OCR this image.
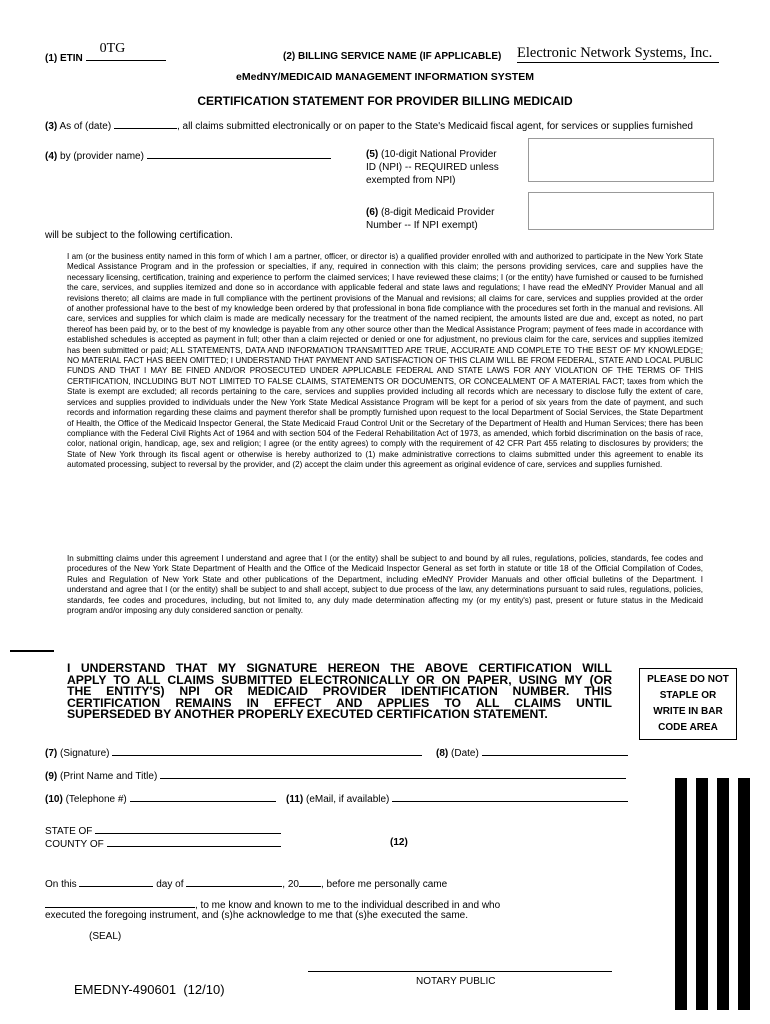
(1) ETIN
0TG
(2) BILLING SERVICE NAME (IF APPLICABLE) Electronic Network Systems, Inc.
eMedNY/MEDICAID MANAGEMENT INFORMATION SYSTEM
CERTIFICATION STATEMENT FOR PROVIDER BILLING MEDICAID
(3) As of (date)	, all claims submitted electronically or on paper to the State's Medicaid fiscal agent, for services or supplies furnished
(4) by (provider name)	(5) (10-digit National Provider
ID (NPI) -- REQUIRED unless
exempted from NPI)
(6) (8-digit Medicaid Provider
Number -- If NPI exempt)
will be subject to the following certification.
I am (or the business entity named in this form of which I am a partner, officer, or director is) a qualified provider enrolled with and authorized to participate in the New York State Medical Assistance Program and in the profession or specialties, if any, required in connection with this claim; the persons providing services, care and supplies have the necessary licensing, certification, training and experience to perform the claimed services; I have reviewed these claims; I (or the entity) have furnished or caused to be furnished the care, services, and supplies itemized and done so in accordance with applicable federal and state laws and regulations; I have read the eMedNY Provider Manual and all revisions thereto; all claims are made in full compliance with the pertinent provisions of the Manual and revisions; all claims for care, services and supplies provided at the order of another professional have to the best of my knowledge been ordered by that professional in bona fide compliance with the procedures set forth in the manual and revisions. All care, services and supplies for which claim is made are medically necessary for the treatment of the named recipient, the amounts listed are due and, except as noted, no part thereof has been paid by, or to the best of my knowledge is payable from any other source other than the Medical Assistance Program; payment of fees made in accordance with established schedules is accepted as payment in full; other than a claim rejected or denied or one for adjustment, no previous claim for the care, services and supplies itemized has been submitted or paid; ALL STATEMENTS, DATA AND INFORMATION TRANSMITTED ARE TRUE, ACCURATE AND COMPLETE TO THE BEST OF MY KNOWLEDGE; NO MATERIAL FACT HAS BEEN OMITTED; I UNDERSTAND THAT PAYMENT AND SATISFACTION OF THIS CLAIM WILL BE FROM FEDERAL, STATE AND LOCAL PUBLIC FUNDS AND THAT I MAY BE FINED AND/OR PROSECUTED UNDER APPLICABLE FEDERAL AND STATE LAWS FOR ANY VIOLATION OF THE TERMS OF THIS CERTIFICATION, INCLUDING BUT NOT LIMITED TO FALSE CLAIMS, STATEMENTS OR DOCUMENTS, OR CONCEALMENT OF A MATERIAL FACT; taxes from which the State is exempt are excluded; all records pertaining to the care, services and supplies provided including all records which are necessary to disclose fully the extent of care, services and supplies provided to individuals under the New York State Medical Assistance Program will be kept for a period of six years from the date of payment, and such records and information regarding these claims and payment therefor shall be promptly furnished upon request to the local Department of Social Services, the State Department of Health, the Office of the Medicaid Inspector General, the State Medicaid Fraud Control Unit or the Secretary of the Department of Health and Human Services; there has been compliance with the Federal Civil Rights Act of 1964 and with section 504 of the Federal Rehabilitation Act of 1973, as amended, which forbid discrimination on the basis of race, color, national origin, handicap, age, sex and religion; I agree (or the entity agrees) to comply with the requirement of 42 CFR Part 455 relating to disclosures by providers; the State of New York through its fiscal agent or otherwise is hereby authorized to (1) make administrative corrections to claims submitted under this agreement to enable its automated processing, subject to reversal by the provider, and (2) accept the claim under this agreement as original evidence of care, services and supplies furnished.
In submitting claims under this agreement I understand and agree that I (or the entity) shall be subject to and bound by all rules, regulations, policies, standards, fee codes and procedures of the New York State Department of Health and the Office of the Medicaid Inspector General as set forth in statute or title 18 of the Official Compilation of Codes, Rules and Regulation of New York State and other publications of the Department, including eMedNY Provider Manuals and other official bulletins of the Department. I understand and agree that I (or the entity) shall be subject to and shall accept, subject to due process of the law, any determinations pursuant to said rules, regulations, policies, standards, fee codes and procedures, including, but not limited to, any duly made determination affecting my (or my entity's) past, present or future status in the Medicaid program and/or imposing any duly considered sanction or penalty.
I UNDERSTAND THAT MY SIGNATURE HEREON THE ABOVE CERTIFICATION WILL
APPLY TO ALL CLAIMS SUBMITTED ELECTRONICALLY OR ON PAPER, USING MY (OR
THE ENTITY'S) NPI OR MEDICAID PROVIDER IDENTIFICATION NUMBER. THIS
CERTIFICATION REMAINS IN EFFECT AND APPLIES TO ALL CLAIMS UNTIL
SUPERSEDED BY ANOTHER PROPERLY EXECUTED CERTIFICATION STATEMENT.
PLEASE DO NOT
STAPLE OR
WRITE IN BAR
CODE AREA
(7) (Signature)	(8) (Date)
(9) (Print Name and Title)
(10) (Telephone #)	(11) (eMail, if available)
STATE OF
COUNTY OF	(12)
On this	day of	, 20 , before me personally came
, to me know and known to me to the individual described in and who
executed the foregoing instrument, and (s)he acknowledge to me that (s)he executed the same.
(SEAL)
NOTARY PUBLIC
EMEDNY-490601  (12/10)
